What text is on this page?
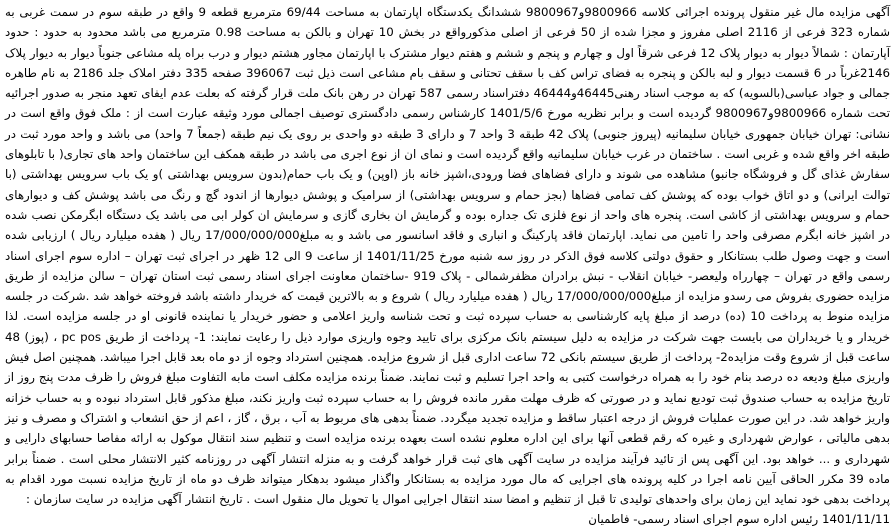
آگهی مزایده مال غیر منقول پرونده اجرائی کلاسه 9800966و9800967 ششدانگ یکدستگاه اپارتمان به مساحت 69/44 مترمربع قطعه 9 واقع در طبقه سوم در سمت غربی به شماره 323 فرعی از 2116 اصلی مفروز و مجزا شده از 50 فرعی از اصلی مذکورواقع در بخش 10 تهران و بالکن به مساحت 0.98 مترمربع می باشد محدود به حدود : حدود آپارتمان : شمالاً دیوار به دیوار پلاک 12 فرعی شرقاً اول و چهارم و پنجم و ششم و هفتم دیوار مشترک با اپارتمان مجاور هشتم دیوار و درب براه پله مشاعی جنوباً دیوار به دیوار پلاک 2146غرباً در 6 قسمت دیوار و لبه بالکن و پنجره به فضای تراس کف با سقف تحتانی و سقف بام مشاعی است ذیل ثبت 396067 صفحه 335 دفتر املاک جلد 2186 به نام طاهره جمالی و جواد عباسی(بالسویه) که به موجب اسناد رهنی46445و46444 دفتراسناد رسمی 587 تهران در رهن بانک ملت قرار گرفته که بعلت عدم ایفای تعهد منجر به صدور اجرائیه تحت شماره 9800966و9800967 گردیده است و برابر نظریه مورخ 1401/5/6 کارشناس رسمی دادگستری توصیف اجمالی مورد وثیقه عبارت است از : ملک فوق واقع است در نشانی: تهران خیابان جمهوری خیابان سلیمانیه (پیروز جنوبی) پلاک 42 طبقه 3 واحد 7 و دارای 3 طبقه دو واحدی بر روی یک نیم طبقه (جمعاً 7 واحد) می باشد و واحد مورد ثبت در طبقه اخر واقع شده و غربی است . ساختمان در غرب خیابان سلیمانیه واقع گردیده است و نمای ان از نوع اجری می باشد در طبقه همکف این ساختمان واحد های تجاری( با تابلوهای سفارش غذای گل و فروشگاه جانبو) مشاهده می شوند و دارای فضاهای فضا ورودی،اشپز خانه باز (اوپن) و یک باب حمام(بدون سرویس بهداشتی )و یک باب سرویس بهداشتی (با توالت ایرانی) و دو اتاق خواب بوده که پوشش کف تمامی فضاها (بجز حمام و سرویس بهداشتی) از سرامیک و پوشش دیوارها از اندود گچ و رنگ می باشد پوشش کف و دیوارهای حمام و سرویس بهداشتی از کاشی است. پنجره های واحد از نوع فلزی تک جداره بوده و گرمایش ان بخاری گازی و سرمایش ان کولر ابی می باشد یک دستگاه ابگرمکن نصب شده در اشپز خانه ابگرم مصرفی واحد را تامین می نماید. اپارتمان فاقد پارکینگ و انباری و فاقد اسانسور می باشد و به مبلغ17/000/000/000 ریال ( هفده میلیارد ریال ) ارزیابی شده است و جهت وصول طلب بستانکار و حقوق دولتی کلاسه فوق الذکر در روز سه شنبه مورخ 1401/11/25 از ساعت 9 الی 12 ظهر در اجرای ثبت تهران – اداره سوم اجرای اسناد رسمی واقع در تهران – چهارراه ولیعصر- خیابان انقلاب - نبش برادران مظفرشمالی - پلاک 919 -ساختمان معاونت اجرای اسناد رسمی ثبت استان تهران – سالن مزایده از طریق مزایده حضوری بفروش می رسدو مزایده از مبلغ17/000/000/000 ریال ( هفده میلیارد ریال ) شروع و به بالاترین قیمت که خریدار داشته باشد فروخته خواهد شد .شرکت در جلسه مزایده منوط به پرداخت 10 (ده) درصد از مبلغ پایه کارشناسی به حساب سپرده ثبت و تحت شناسه واریز اعلامی و حضور خریدار یا نماینده قانونی او در جلسه مزایده است. لذا خریدار و یا خریداران می بایست جهت شرکت در مزایده به دلیل سیستم بانک مرکزی برای تایید وجوه واریزی موارد ذیل را رعایت نمایند: 1- پرداخت از طریق pc pos ، (پوز) 48 ساعت قبل از شروع وقت مزایده2- پرداخت از طریق سیستم بانکی 72 ساعت اداری قبل از شروع مزایده. همچنین استرداد وجوه از دو ماه بعد قابل اجرا میباشد. همچنین اصل فیش واریزی مبلغ ودیعه ده درصد بنام خود را به همراه درخواست کتبی به واحد اجرا تسلیم و ثبت نمایند. ضمناً برنده مزایده مکلف است مابه التفاوت مبلغ فروش را ظرف مدت پنج روز از تاریخ مزایده به حساب صندوق ثبت تودیع نماید و در صورتی که ظرف مهلت مقرر مانده فروش را به حساب سپرده ثبت واریز نکند، مبلغ مذکور قابل استرداد نبوده و به حساب خزانه واریز خواهد شد. در این صورت عملیات فروش از درجه اعتبار ساقط و مزایده تجدید میگردد. ضمناً بدهی های مربوط به آب ، برق ، گاز ، اعم از حق انشعاب و اشتراک و مصرف و نیز بدهی مالیاتی ، عوارض شهرداری و غیره که رقم قطعی آنها برای این اداره معلوم نشده است بعهده برنده مزایده است و تنظیم سند انتقال موکول به ارائه مفاصا حسابهای دارایی و شهرداری و ... خواهد بود. این آگهی پس از تائید فرآیند مزایده در سایت آگهی های ثبت قرار خواهد گرفت و به منزله انتشار آگهی در روزنامه کثیر الانتشار محلی است . ضمناً برابر ماده 39 مکرر الحاقی آیین نامه اجرا در کلیه پرونده های اجرایی که مال مورد مزایده به بستانکار واگذار میشود بدهکار میتواند ظرف دو ماه از تاریخ مزایده نسبت مورد اقدام به پرداخت بدهی خود نماید این زمان برای واحدهای تولیدی تا قبل از تنظیم و امضا سند انتقال اجرایی اموال یا تحویل مال منقول است . تاریخ انتشار آگهی مزایده در سایت سازمان :

1401/11/11 رئیس اداره سوم اجرای اسناد رسمی- فاطمیان
